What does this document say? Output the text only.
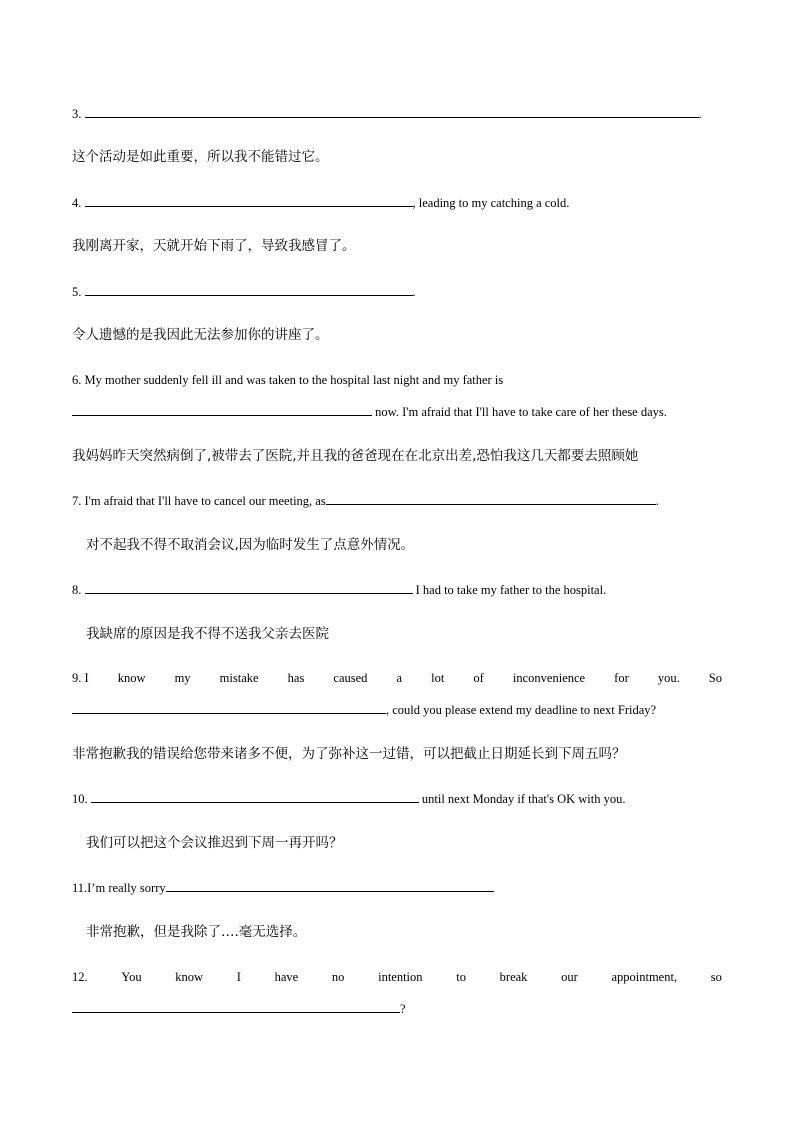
3.	.
这个活动是如此重要，所以我不能错过它。
4.	, leading to my catching a cold.
我刚离开家，天就开始下雨了，导致我感冒了。
5.	.
令人遗憾的是我因此无法参加你的讲座了。
6. My mother suddenly fell ill and was taken to the hospital last night and my father is
now. I'm afraid that I'll have to take care of her these days.
我妈妈昨天突然病倒了,被带去了医院,并且我的爸爸现在在北京出差,恐怕我这几天都要去照顾她
7. I'm afraid that I'll have to cancel our meeting, as	.
对不起我不得不取消会议,因为临时发生了点意外情况。
8.	I had to take my father to the hospital.
我缺席的原因是我不得不送我父亲去医院
9. I know my mistake has caused a lot of inconvenience for you. So
, could you please extend my deadline to next Friday?
非常抱歉我的错误给您带来诸多不便，为了弥补这一过错，可以把截止日期延长到下周五吗？
10.	until next Monday if that's OK with you.
我们可以把这个会议推迟到下周一再开吗？
11.I’m really sorry
非常抱歉，但是我除了….毫无选择。
12.	You	know	I	have	no	intention	to	break	our	appointment,	so
?
